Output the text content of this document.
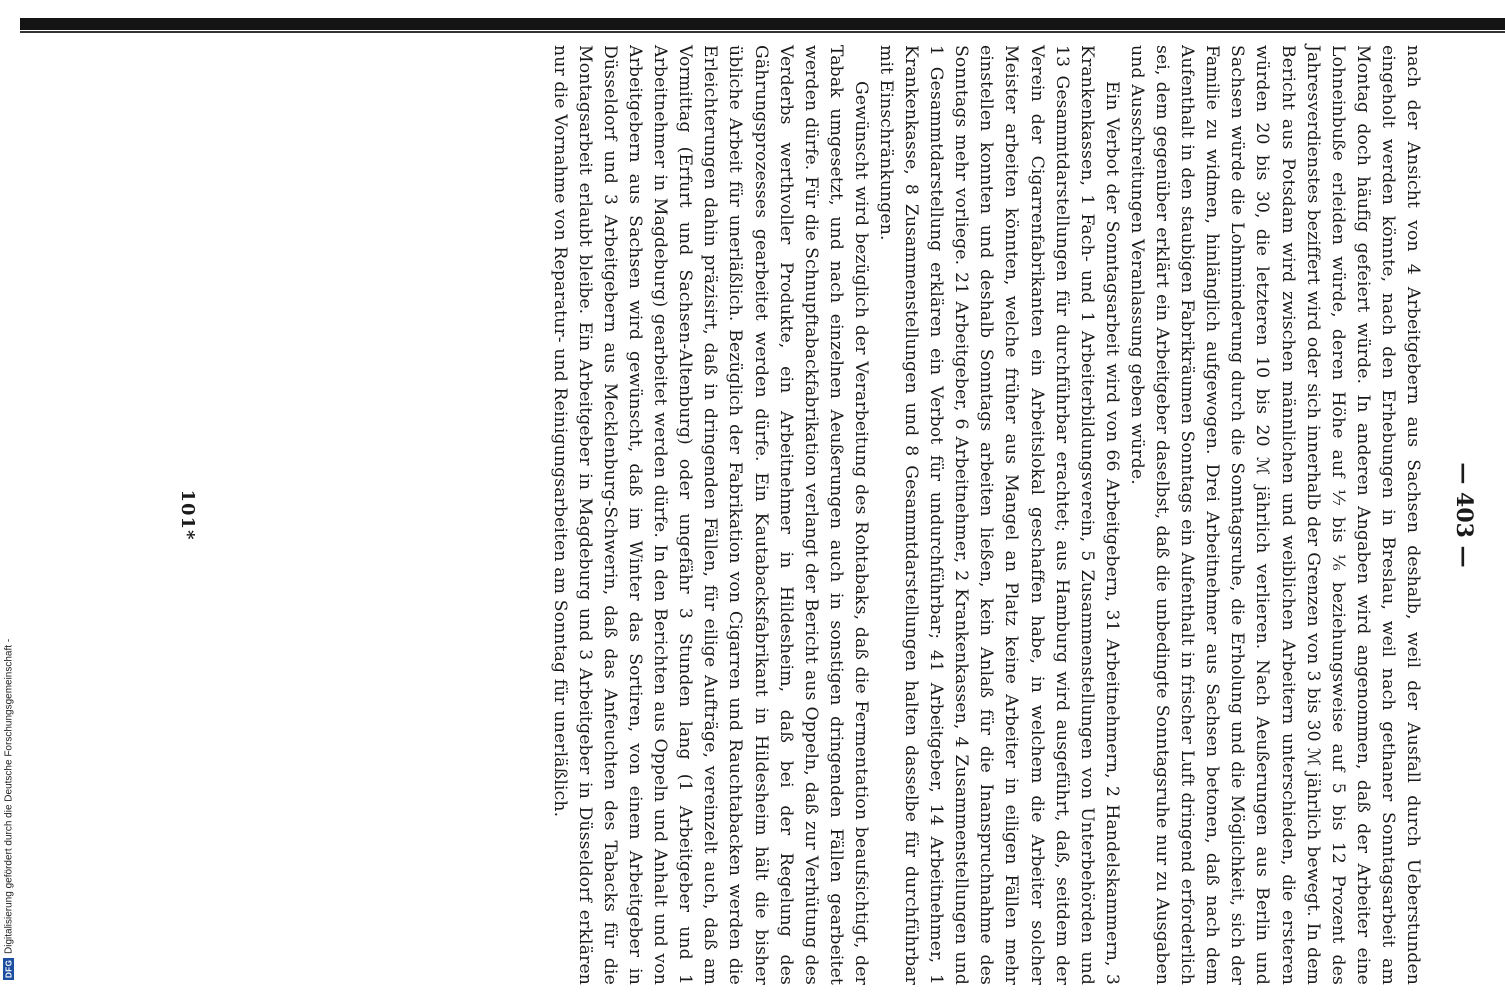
DFG
Digitalisierung gefördert durch die Deutsche Forschungsgemeinschaft -
— 403 —

nach der Ansicht von 4 Arbeitgebern aus Sachsen deshalb, weil der Ausfall durch Ueberstunden eingeholt werden könnte, nach den Erhebungen in Breslau, weil nach gethaner Sonntagsarbeit am Montag doch häufig gefeiert würde. In anderen Angaben wird angenommen, daß der Arbeiter eine Lohneinbuße erleiden würde, deren Höhe auf ⅟₇ bis ⅟₆ beziehungsweise auf 5 bis 12 Prozent des Jahresverdienstes beziffert wird oder sich innerhalb der Grenzen von 3 bis 30 ℳ jährlich bewegt. In dem Bericht aus Potsdam wird zwischen männlichen und weiblichen Arbeitern unterschieden, die ersteren würden 20 bis 30, die letzteren 10 bis 20 ℳ jährlich verlieren. Nach Aeußerungen aus Berlin und Sachsen würde die Lohnminderung durch die Sonntagsruhe, die Erholung und die Möglichkeit, sich der Familie zu widmen, hinlänglich aufgewogen. Drei Arbeitnehmer aus Sachsen betonen, daß nach dem Aufenthalt in den staubigen Fabrikräumen Sonntags ein Aufenthalt in frischer Luft dringend erforderlich sei, dem gegenüber erklärt ein Arbeitgeber daselbst, daß die unbedingte Sonntagsruhe nur zu Ausgaben und Ausschreitungen Veranlassung geben würde.

Ein Verbot der Sonntagsarbeit wird von 66 Arbeitgebern, 31 Arbeitnehmern, 2 Handelskammern, 3 Krankenkassen, 1 Fach- und 1 Arbeiterbildungsverein, 5 Zusammenstellungen von Unterbehörden und 13 Gesammtdarstellungen für durchführbar erachtet; aus Hamburg wird ausgeführt, daß, seitdem der Verein der Cigarrenfabrikanten ein Arbeitslokal geschaffen habe, in welchem die Arbeiter solcher Meister arbeiten könnten, welche früher aus Mangel an Platz keine Arbeiter in eiligen Fällen mehr einstellen konnten und deshalb Sonntags arbeiten ließen, kein Anlaß für die Inanspruchnahme des Sonntags mehr vorliege. 21 Arbeitgeber, 6 Arbeitnehmer, 2 Krankenkassen, 4 Zusammenstellungen und 1 Gesammtdarstellung erklären ein Verbot für undurchführbar; 41 Arbeitgeber, 14 Arbeitnehmer, 1 Krankenkasse, 8 Zusammenstellungen und 8 Gesammtdarstellungen halten dasselbe für durchführbar mit Einschränkungen.

Gewünscht wird bezüglich der Verarbeitung des Rohtabaks, daß die Fermentation beaufsichtigt, der Tabak umgesetzt, und nach einzelnen Aeußerungen auch in sonstigen dringenden Fällen gearbeitet werden dürfe. Für die Schnupftabackfabrikation verlangt der Bericht aus Oppeln, daß zur Verhütung des Verderbs werthvoller Produkte, ein Arbeitnehmer in Hildesheim, daß bei der Regelung des Gährungsprozesses gearbeitet werden dürfe. Ein Kautabacksfabrikant in Hildesheim hält die bisher übliche Arbeit für unerläßlich. Bezüglich der Fabrikation von Cigarren und Rauchtabacken werden die Erleichterungen dahin präzisirt, daß in dringenden Fällen, für eilige Aufträge, vereinzelt auch, daß am Vormittag (Erfurt und Sachsen-Altenburg) oder ungefähr 3 Stunden lang (1 Arbeitgeber und 1 Arbeitnehmer in Magdeburg) gearbeitet werden dürfe. In den Berichten aus Oppeln und Anhalt und von Arbeitgebern aus Sachsen wird gewünscht, daß im Winter das Sortiren, von einem Arbeitgeber in Düsseldorf und 3 Arbeitgebern aus Mecklenburg-Schwerin, daß das Anfeuchten des Tabacks für die Montagsarbeit erlaubt bleibe. Ein Arbeitgeber in Magdeburg und 3 Arbeitgeber in Düsseldorf erklären nur die Vornahme von Reparatur- und Reinigungsarbeiten am Sonntag für unerläßlich.

101*
